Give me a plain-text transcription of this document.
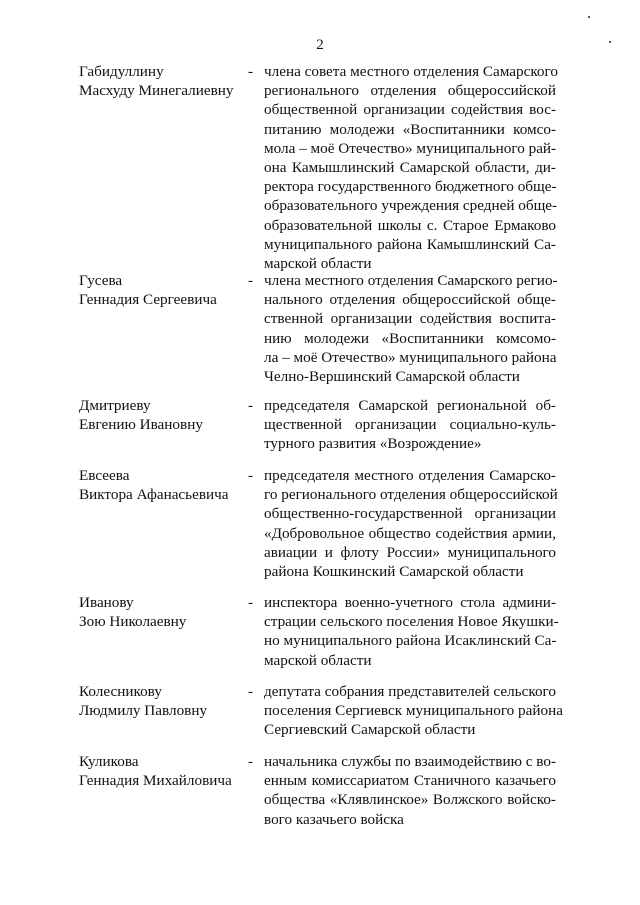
2
Габидуллину
Масхуду Минегалиевну
- члена совета местного отделения Самарского
регионального отделения общероссийской
общественной организации содействия вос-
питанию молодежи «Воспитанники комсо-
мола – моё Отечество» муниципального рай-
она Камышлинский Самарской области, ди-
ректора государственного бюджетного обще-
образовательного учреждения средней обще-
образовательной школы с. Старое Ермаково
муниципального района Камышлинский Са-
марской области
Гусева
Геннадия Сергеевича
- члена местного отделения Самарского регио-
нального отделения общероссийской обще-
ственной организации содействия воспита-
нию молодежи «Воспитанники комсомо-
ла – моё Отечество» муниципального района
Челно-Вершинский Самарской области
Дмитриеву
Евгению Ивановну
- председателя Самарской региональной об-
щественной организации социально-куль-
турного развития «Возрождение»
Евсеева
Виктора Афанасьевича
- председателя местного отделения Самарско-
го регионального отделения общероссийской
общественно-государственной организации
«Добровольное общество содействия армии,
авиации и флоту России» муниципального
района Кошкинский Самарской области
Иванову
Зою Николаевну
- инспектора военно-учетного стола админи-
страции сельского поселения Новое Якушки-
но муниципального района Исаклинский Са-
марской области
Колесникову
Людмилу Павловну
- депутата собрания представителей сельского
поселения Сергиевск муниципального района
Сергиевский Самарской области
Куликова
Геннадия Михайловича
- начальника службы по взаимодействию с во-
енным комиссариатом Станичного казачьего
общества «Клявлинское» Волжского войско-
вого казачьего войска
